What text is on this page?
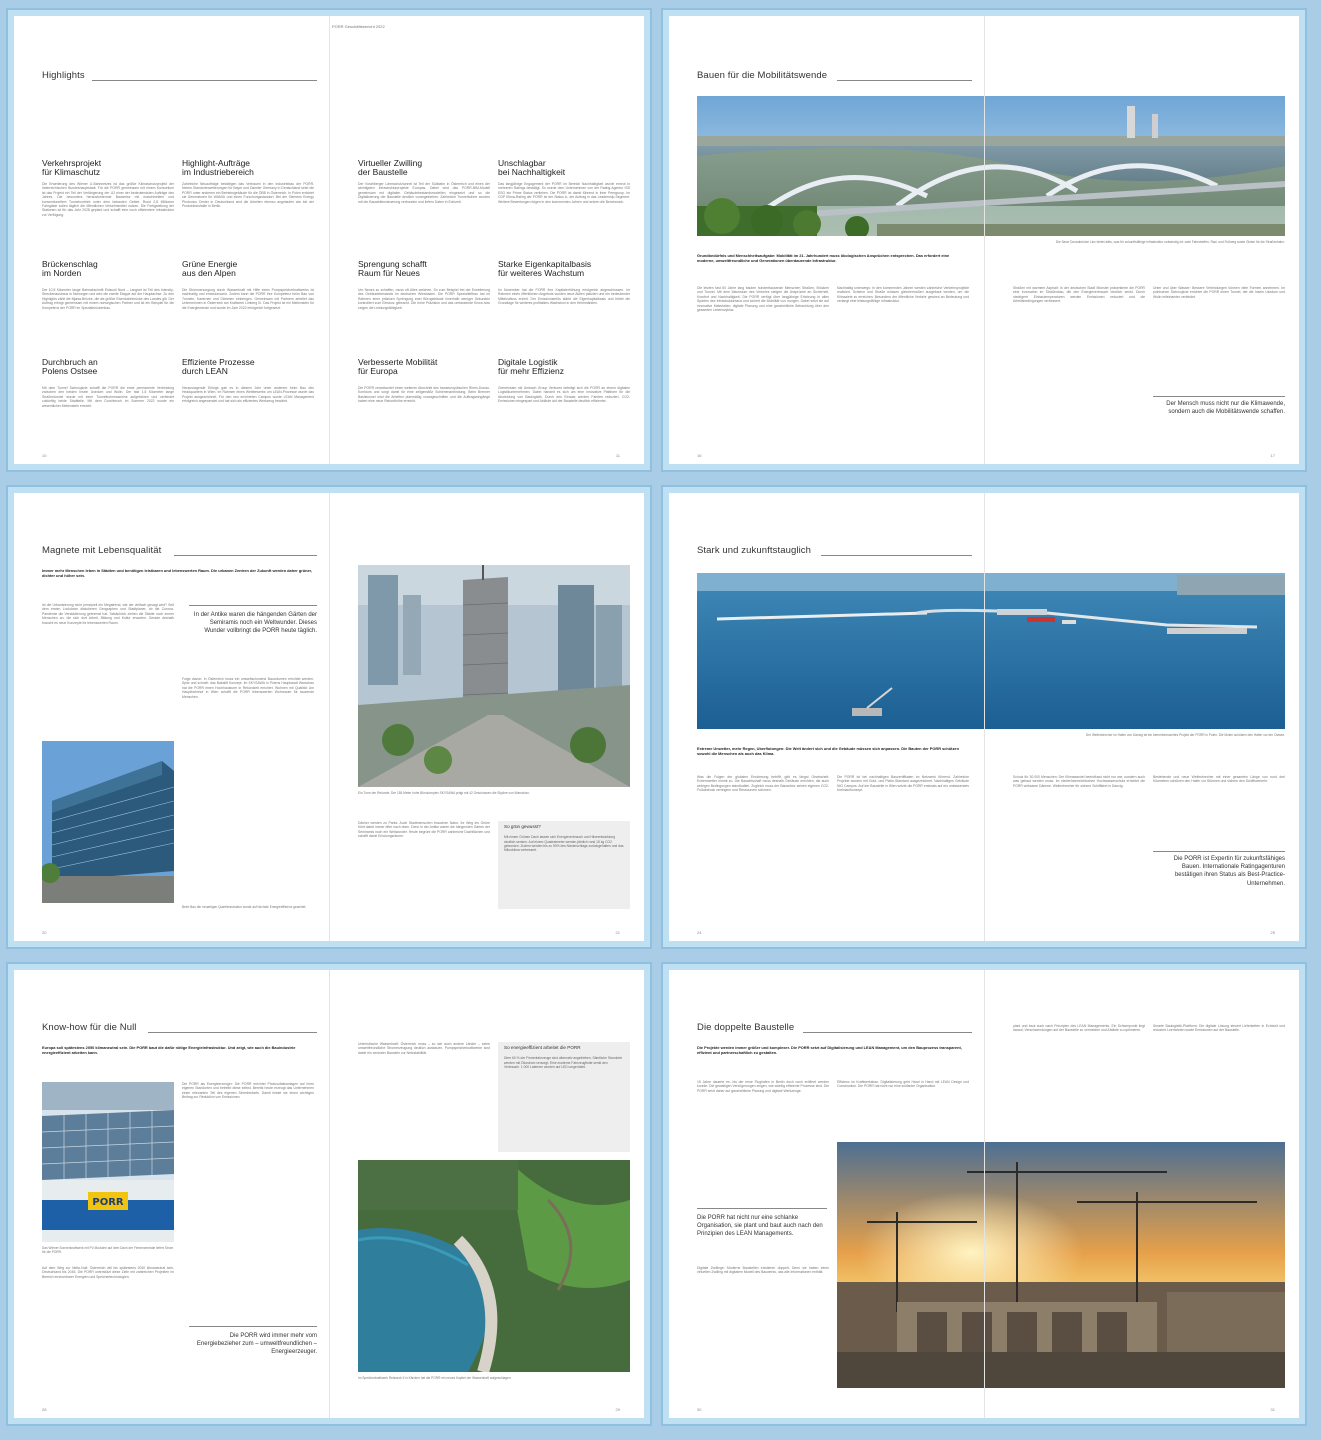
PORR Geschäftsbericht 2022
Highlights
Verkehrsprojekt
für Klimaschutz
Die Erweiterung des Wiener U-Bahnnetzes ist das größte Klimaschutzprojekt der österreichischen Bundeshauptstadt. Für die PORR gemeinsam mit einem Konsortium ist das Projekt ein Teil der Verlängerung der U2 einer der bedeutendsten Aufträge des Jahres. Die besonders herausfordernde Bauweise mit maschinellem und konventionellem Tunnelvortrieb unter dem bebauten Gebiet. Rund 2,8 Millionen Fahrgäste sollen täglich die öffentlichen Verkehrsmittel nutzen. Die Fertigstellung der Stationen ist für das Jahr 2028 geplant und schafft eine noch effizientere Infrastruktur zur Verfügung.
Highlight-Aufträge
im Industriebereich
Zahlreiche Neuaufträge bestätigen das Vertrauen in den Industriebau der PORR. Neben Standorterweiterungen für Bayer und Daimler Germany in Deutschland setzt die PORR unter anderem ein Betriebsgebäude für die ÖBB in Österreich. In Polen errichtet sie Generatoren für WAMIU und einen Forschungsstandort. Bei der Siemens Energy Photonics Center in Deutschland sind die Arbeiten ebenso angelaufen wie bei der Produktionshalle in Berlin.
Virtueller Zwilling
der Baustelle
Der Vorarlberger Lärmschutztunnel ist Teil der Südbahn in Österreich und eines der wichtigsten Infrastrukturprojekte Europas. Dabei wird das PORR-BIM-Modell gemeinsam mit digitalen Gebäudebestandsmodellen eingesetzt und so die Digitalisierung der Baustelle deutlich vorangetrieben. Zahlreiche Tunnelbohrer wurden mit der Baustellensteuerung verbunden und liefern Daten in Echtzeit.
Unschlagbar
bei Nachhaltigkeit
Das langjährige Engagement der PORR im Bereich Nachhaltigkeit wurde erneut in mehreren Ratings bestätigt. So wurde dem Unternehmen von der Rating-Agentur ISS ESG ein Prime Status verliehen. Die PORR ist damit führend in ihrer Peergroup. Im CDP Klima-Rating der PORR ist der Status A- der Auftrag in das Leadership-Segment. Weitere Bewertungen folgen in den kommenden Jahren und setzen die Benchmark.
Brückenschlag
im Norden
Der 10,5 Kilometer lange Bahnabschnitt Eidsvoll Nord – Langset ist Teil des Intercity-Streckenausbaus in Norwegen und wird die zweite Etappe auf der Hauptachse. Zu den Highlights zählt die Mjøsa-Brücke, die als größte Eisenbahnbrücke des Landes gilt. Der Auftrag erfolgt gemeinsam mit einem norwegischen Partner und ist ein Beispiel für die Kompetenz der PORR im Spezialbrückenbau.
Grüne Energie
aus den Alpen
Die Stromversorgung durch Wasserkraft mit Hilfe eines Pumpspeicherkraftwerks ist nachhaltig und emissionsarm. Zudem kann die PORR ihre Kompetenz beim Bau von Tunneln, Kavernen und Dämmen einbringen. Gemeinsam mit Partnern arbeitet das Unternehmen in Österreich am Kraftwerk Limberg III. Das Projekt ist ein Meilenstein für die Energiewende und wurde im Jahr 2022 erfolgreich fortgesetzt.
Sprengung schafft
Raum für Neues
Um Neues zu schaffen, muss oft Altes weichen. So zum Beispiel bei der Erweiterung des Gebäudebestands im deutschen Wiesbaden. Die PORR Spezialtiefbau hat im Rahmen einer präzisen Sprengung zwei Bürogebäude innerhalb weniger Sekunden kontrolliert zum Einsturz gebracht. Die hohe Präzision und das umfassende Know-how zeigen die Leistungsfähigkeit.
Starke Eigenkapitalbasis
für weiteres Wachstum
Im November hat die PORR ihre Kapitalerhöhung erfolgreich abgeschlossen. Im Rahmen eines öffentlichen Angebots wurden neue Aktien platziert und ein bedeutender Mittelzufluss erzielt. Der Emissionserlös stärkt die Eigenkapitalbasis und bildet die Grundlage für weiteres profitables Wachstum in den Heimmärkten.
Durchbruch an
Polens Ostsee
Mit dem Tunnel Świnoujście schafft die PORR die erste permanente Verbindung zwischen den beiden Inseln Usedom und Wolin. Der fast 1,5 Kilometer lange Straßentunnel wurde mit einer Tunnelbohrmaschine aufgefahren und verbindet zukünftig beide Stadtteile. Mit dem Durchbruch im Sommer 2022 wurde ein wesentlicher Meilenstein erreicht.
Effiziente Prozesse
durch LEAN
Herausragende Erfolge gab es in diesem Jahr unter anderem beim Bau des Headquarters in Wien. Im Rahmen eines Wettbewerbs um LEAN-Prozesse wurde das Projekt ausgezeichnet. Für den neu errichteten Campus wurde LEAN Management erfolgreich angewendet und hat sich als effizientes Werkzeug bewährt.
Verbesserte Mobilität
für Europa
Die PORR verantwortet einen weiteren Abschnitt des transeuropäischen Rhein-Donau-Korridors und sorgt damit für eine zeitgemäße Schienenanbindung. Beim Brenner Basistunnel sind die Arbeiten planmäßig vorangeschritten und die Auftragseingänge haben eine neue Rekordhöhe erreicht.
Digitale Logistik
für mehr Effizienz
Gemeinsam mit Umbach Group Ventures beteiligt sich die PORR an einem digitalen Logistikunternehmen. Dabei handelt es sich um eine innovative Plattform für die Abwicklung von Baulogistik. Durch den Einsatz werden Fahrten reduziert, CO2-Emissionen eingespart und Abläufe auf der Baustelle deutlich effizienter.
10	11
Bauen für die Mobilitätswende
Die Neue Donaubrücke Linz bietet alles, was für zukunftsfähige Infrastruktur notwendig ist: zwei Fahrstreifen, Rad- und Fußweg sowie Gleise für die Straßenbahn.
Grundbedürfnis und Menschheitsaufgabe: Mobilität im 21. Jahrhundert muss ökologischen Ansprüchen entsprechen. Das erfordert eine moderne, umweltfreundliche und Generationen überdauernde Infrastruktur.
Die letzten fast 60 Jahre lang bauten hunderttausende Menschen Straßen, Brücken und Tunnel. Mit dem Wachstum des Verkehrs steigen die Ansprüche an Sicherheit, Komfort und Nachhaltigkeit. Die PORR verfügt über langjährige Erfahrung in allen Sparten des Infrastrukturbaus und sichert die Mobilität von morgen. Dabei setzt sie auf innovative Materialien, digitale Planung und eine ganzheitliche Betrachtung über den gesamten Lebenszyklus.
Nachhaltig unterwegs: In den kommenden Jahren werden zahlreiche Verkehrsprojekte realisiert. Schiene und Straße müssen gleichermaßen ausgebaut werden, um die Klimaziele zu erreichen. Besonders der öffentliche Verkehr gewinnt an Bedeutung und verlangt eine leistungsfähige Infrastruktur.
Straßen mit warmem Asphalt: In der deutschen Stadt Münster präsentierte die PORR eine Innovation im Straßenbau, die den Energieverbrauch deutlich senkt. Durch niedrigere Einbautemperaturen werden Emissionen reduziert und die Arbeitsbedingungen verbessert.
Unter und über Wasser: Bessere Verbindungen können viele Formen annehmen. Im polnischen Świnoujście errichtet die PORR einen Tunnel, der die Inseln Usedom und Wolin miteinander verbindet.
Der Mensch muss nicht nur die Klimawende, sondern auch die Mobilitätswende schaffen.
16	17
Magnete mit Lebensqualität
Immer mehr Menschen leben in Städten und benötigen leistbaren und lebenswerten Raum. Die urbanen Zentren der Zukunft werden daher grüner, dichter und höher sein.
Ist die Urbanisierung nicht prinzipiell ein Megatrend, wie der vielfach gesagt wird? Seit dem ersten Lockdown diskutieren Geographen und Stadtplaner, ob die Corona-Pandemie die Verstädterung gebremst hat. Tatsächlich ziehen die Städte noch immer Menschen an, die sich dort Arbeit, Bildung und Kultur erwarten. Gerade deshalb braucht es neue Konzepte für lebenswerten Raum.
In der Antike waren die hängenden Gärten der Semiramis noch ein Weltwunder. Dieses Wunder vollbringt die PORR heute täglich.
Folge davon: In Österreich muss ein umweltschonend Bauvolumen errichtet werden. Spitz und schnell: das Bakalift Konzept. Im SKYSAWA in Polens Hauptstadt Warschau hat die PORR einen Hochhausturm in Rekordzeit errichtet. Wohnen mit Qualität: Am Hauptbahnhof in Wien schafft die PORR lebenswerten Wohnraum für tausende Menschen.
Beim Bau der neuartigen Quartiersstruktur wurde auf höchste Energieeffizienz geachtet.
Ein Turm der Rekorde: Der 155 Meter hohe Bürokomplex SKYSAWA prägt mit 42 Geschossen die Skyline von Warschau.
Dächer werden zu Parks: Auch Stadtmenschen brauchen Natur. Ihr Weg ins Grüne führt dabei immer öfter nach oben. Denn in der Antike waren die hängenden Gärten der Semiramis noch ein Weltwunder. Heute begrünt die PORR zahlreiche Dachflächen und schafft damit Erholungsräume.
So grün gewusst?
Mit einem Grünen Dach lassen sich Energieverbrauch und Hitzeentwicklung deutlich senken. Auf einem Quadratmeter werden jährlich rund 15 kg CO2 gebunden. Zudem werden bis zu 90% des Niederschlags zurückgehalten und das Mikroklima verbessert.
20	21
Stark und zukunftstauglich
Der Wellenbrecher im Hafen von Danzig ist ein bemerkenswertes Projekt der PORR in Polen. Die Molen schützen den Hafen vor der Ostsee.
Extreme Unwetter, mehr Regen, Überflutungen: Die Welt ändert sich und die Gebäude müssen sich anpassen. Die Bauten der PORR schützen sowohl die Menschen als auch das Klima.
Was die Folgen der globalen Erwärmung betrifft, gibt es längst Gewissheit: Extremwetter nimmt zu. Die Bauwirtschaft muss deshalb Gebäude errichten, die auch widrigen Bedingungen standhalten. Zugleich muss der Bausektor seinen eigenen CO2-Fußabdruck verringern und Ressourcen schonen.
Die PORR ist bei nachhaltigen Bauzertifikaten im Netzwerk führend. Zahlreiche Projekte wurden mit Gold- und Platin-Standard ausgezeichnet. Nachhaltiges Gebäude NIO Campus: Auf der Baustelle in Wien setzte die PORR erstmals auf ein umfassendes Kreislaufkonzept.
Schutz für 30.000 Menschen: Der Klimawandel beeinflusst nicht nur wie, sondern auch was gebaut werden muss. Im niederösterreichischen Hochwasserschutz errichtet die PORR wirksame Dämme. Wellenbrecher für sichere Schifffahrt in Danzig.
Bestehende und neue Wellenbrecher mit einer gesamten Länge von rund drei Kilometern schützen den Hafen vor Stürmen und sichern den Schiffsverkehr.
Die PORR ist Expertin für zukunftsfähiges Bauen. Internationale Ratingagenturen bestätigen ihren Status als Best-Practice-Unternehmen.
24	25
Know-how für die Null
Europa soll spätestens 2050 klimaneutral sein. Die PORR baut die dafür nötige Energieinfrastruktur. Und zeigt, wie auch die Bauindustrie energieeffizient arbeiten kann.
PORR
Das Wiener Sonnenkraftwerk mit PV-Modulen auf dem Dach der Firmenzentrale liefert Strom für die PORR.
Die PORR als Energieerzeuger: Die PORR errichtet Photovoltaikanlagen auf ihren eigenen Standorten und betreibt diese selbst. Bereits heute erzeugt das Unternehmen einen relevanten Teil des eigenen Strombedarfs. Damit leistet sie einen wichtigen Beitrag zur Reduktion von Emissionen.
Auf dem Weg zur Netto-Null: Österreich will bis spätestens 2040 klimaneutral sein, Deutschland bis 2045. Die PORR unterstützt diese Ziele mit zahlreichen Projekten im Bereich erneuerbarer Energien und Speichertechnologien.
Unterirdische Wasserkraft: Österreich muss – so wie auch andere Länder – seine umweltfreundliche Stromerzeugung deutlich ausbauen. Pumpspeicherkraftwerke sind dabei ein zentraler Baustein zur Netzstabilität.
So energieeffizient arbeitet die PORR
Über 60 % der Firmenfahrzeuge sind alternativ angetrieben. Sämtliche Standorte werden mit Ökostrom versorgt. Eine moderne Fahrzeugflotte senkt den Verbrauch. 1.000 Laternen wurden auf LED umgerüstet.
Im Speicherkraftwerk Reisseck II in Kärnten hat die PORR ein neues Kapitel der Wasserkraft aufgeschlagen.
Die PORR wird immer mehr vom Energiebezieher zum – umweltfreundlichen – Energieerzeuger.
28	29
Die doppelte Baustelle
Die Projekte werden immer größer und komplexer. Die PORR setzt auf Digitalisierung und LEAN Management, um den Bauprozess transparent, effizient und partnerschaftlich zu gestalten.
15 Jahre dauerte es, bis der neue Flughafen in Berlin doch noch eröffnet werden konnte. Die gewaltigen Verzögerungen zeigen, wie wichtig effiziente Prozesse sind. Die PORR setzt daher auf ganzheitliche Planung und digitale Werkzeuge.
Effizienz im Kraftwerksbau: Digitalisierung geht Hand in Hand mit LEAN Design und Construction. Die PORR hat nicht nur eine schlanke Organisation.
plant und baut auch nach Prinzipien des LEAN Managements. Ein Schwerpunkt liegt darauf, Verschwendungen auf der Baustelle zu vermeiden und Abläufe zu optimieren.
Smarte Baulogistik-Plattform: Die digitale Lösung steuert Lieferketten in Echtzeit und reduziert Leerfahrten sowie Emissionen auf der Baustelle.
Die PORR hat nicht nur eine schlanke Organisation, sie plant und baut auch nach den Prinzipien des LEAN Managements.
Digitale Zwillinge: Moderne Baustellen existieren doppelt. Denn sie haben einen virtuellen Zwilling mit digitalem Modell des Bauwerks, das alle Informationen enthält.
30	31
